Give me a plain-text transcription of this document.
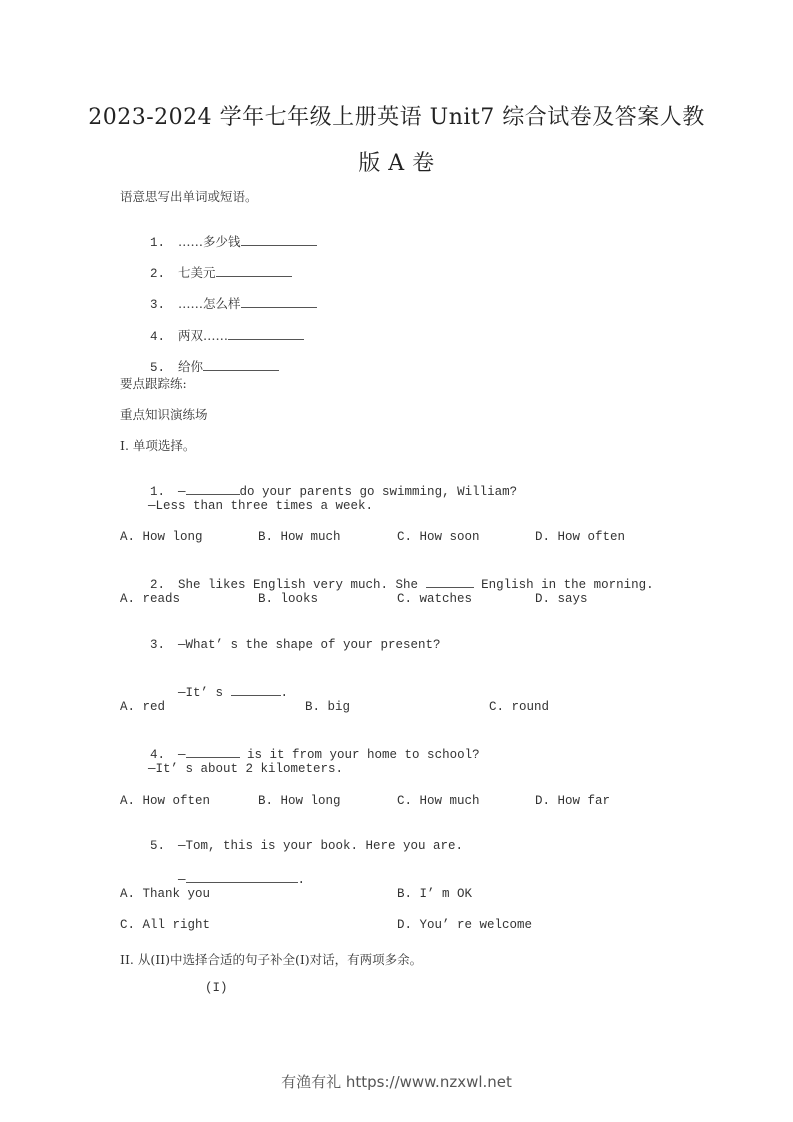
2023-2024 学年七年级上册英语 Unit7 综合试卷及答案人教
版 A 卷
语意思写出单词或短语。

1. ……多少钱

2. 七美元

3. ……怎么样

4. 两双……

5. 给你

要点跟踪练:
重点知识演练场
I. 单项选择。

1. —	do your parents go swimming, William?

—Less than three times a week.
A. How long	B. How much	C. How soon	D. How often

2. She likes English very much. She	English in the morning.

A. reads	B. looks	C. watches	D. says

3. —What’ s the shape of your present?

—It’ s	.

A. red	B. big	C. round

4. —	is it from your home to school?

—It’ s about 2 kilometers.
A. How often	B. How long	C. How much	D. How far

5. —Tom, this is your book. Here you are.

—	.

A. Thank you	B. I’ m OK
C. All right	D. You’ re welcome
II. 从(II)中选择合适的句子补全(I)对话，有两项多余。
(I)
有渔有礼 https://www.nzxwl.net
